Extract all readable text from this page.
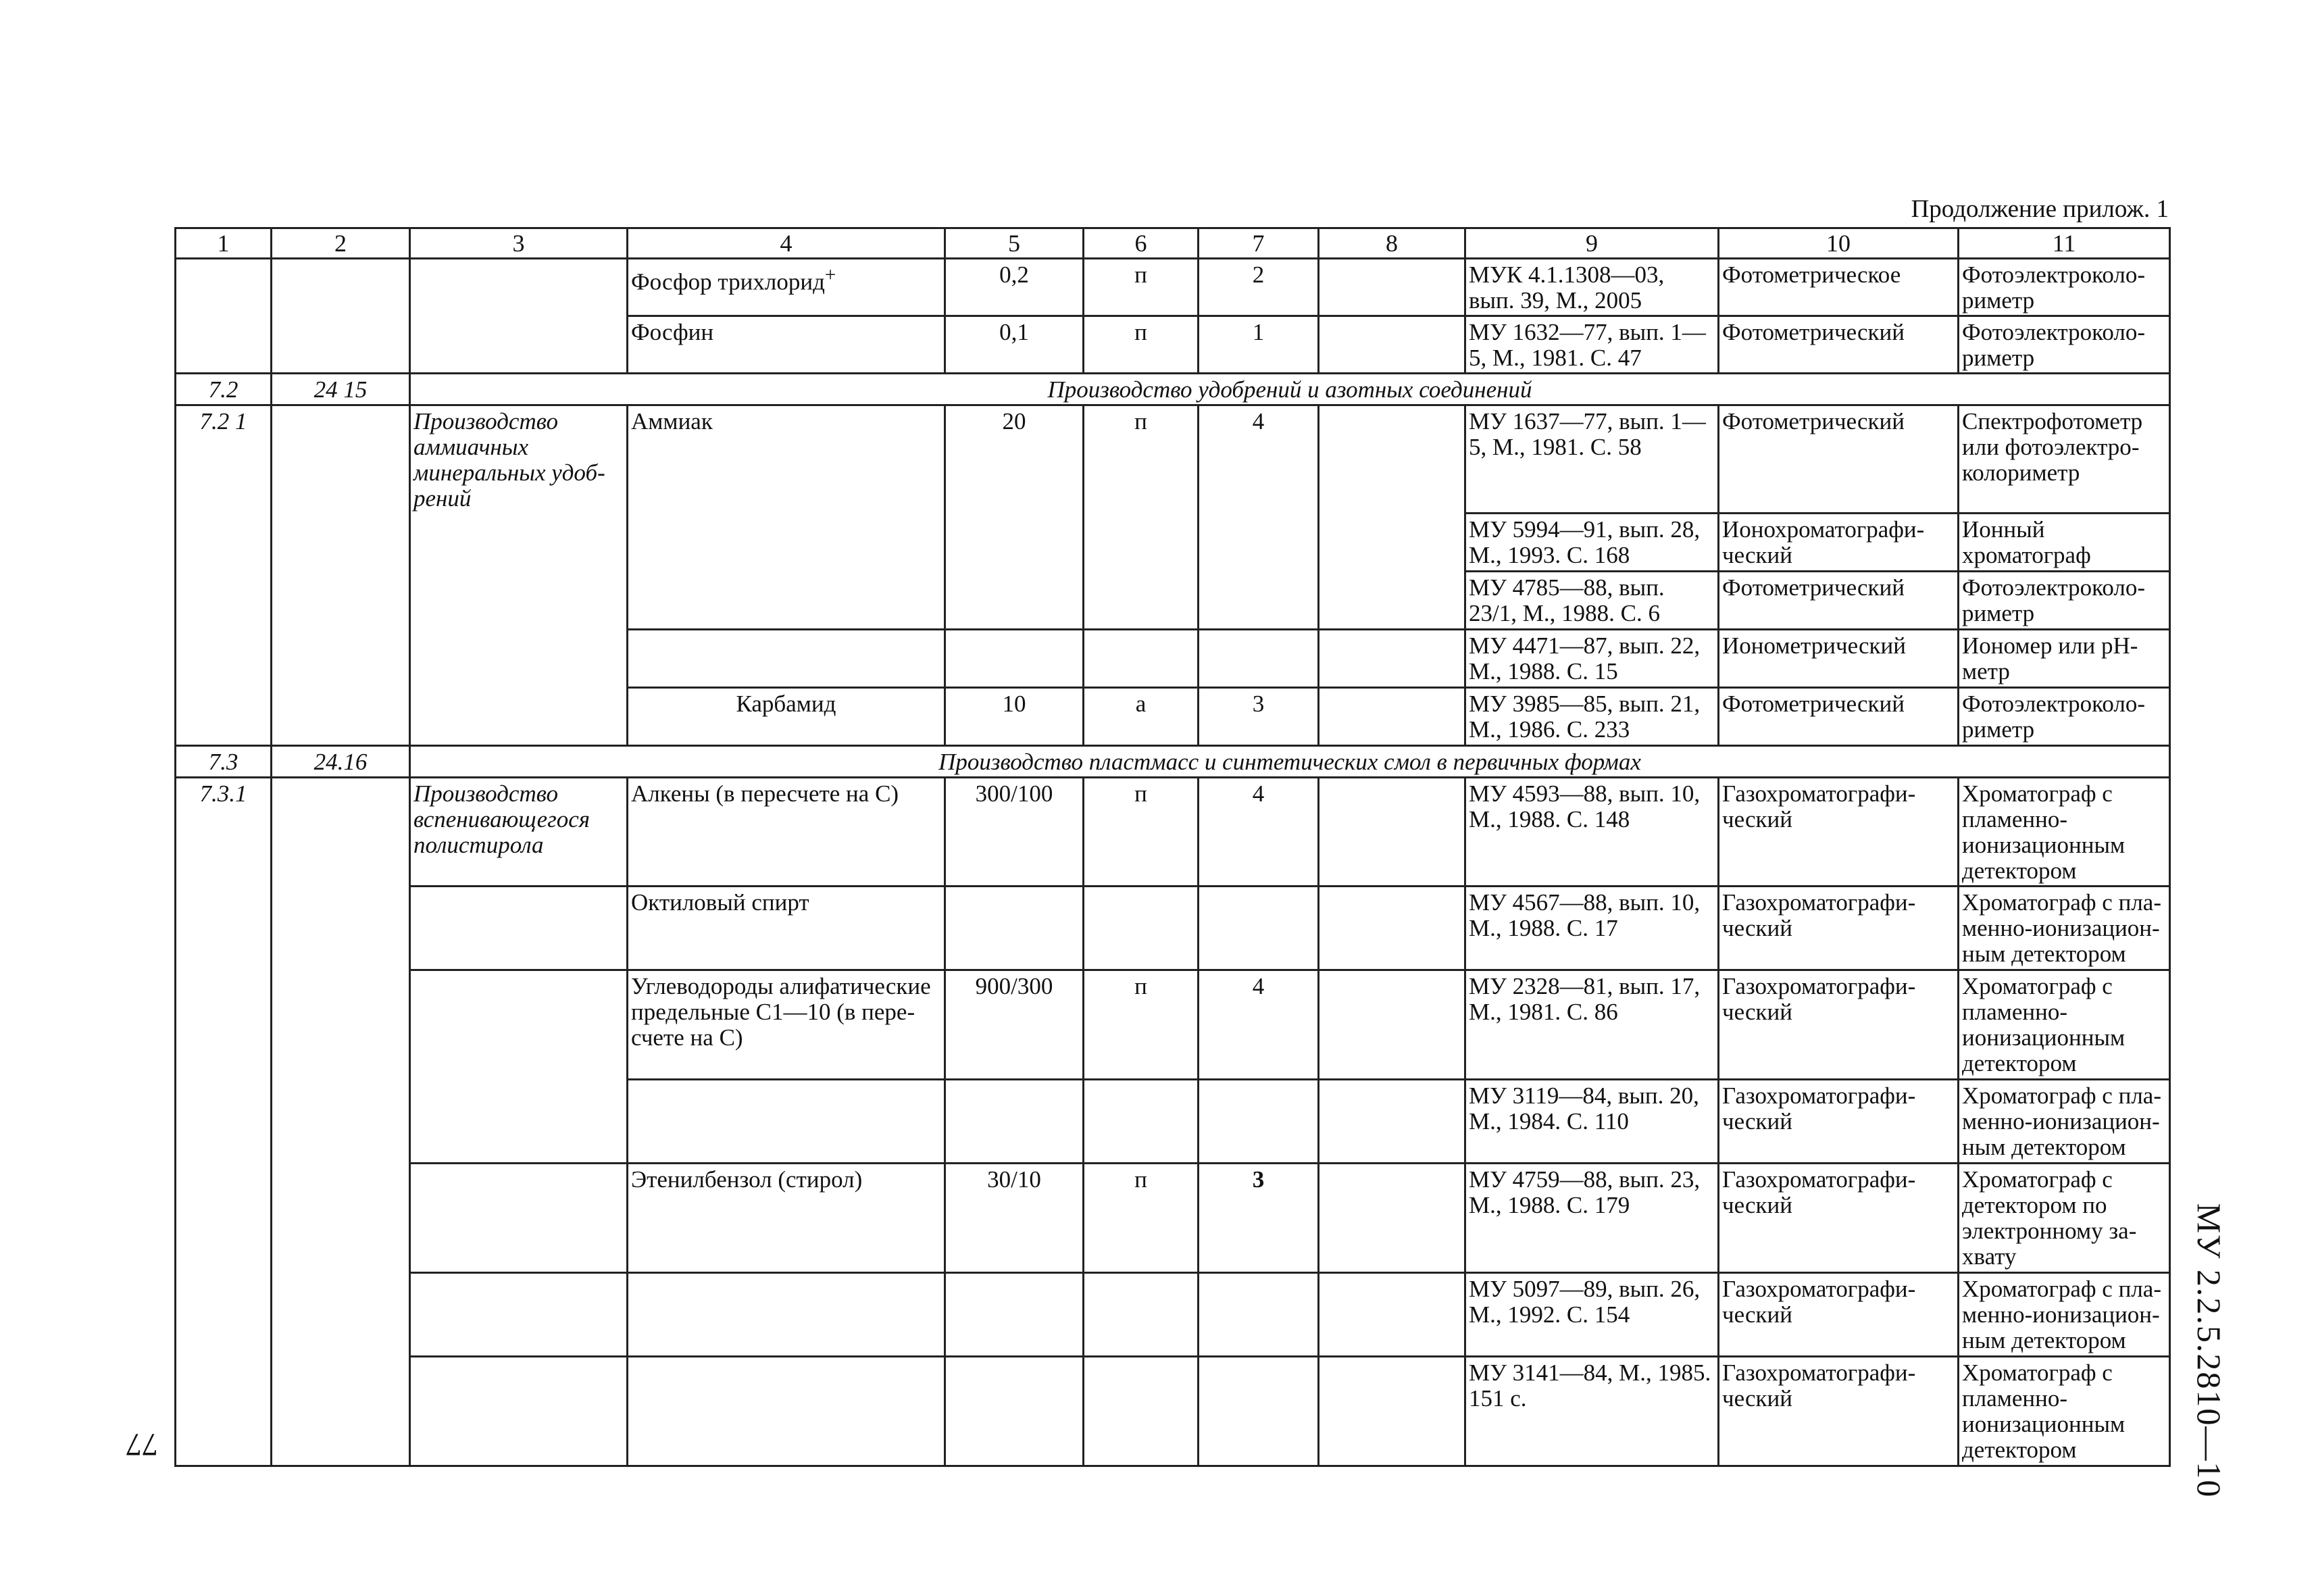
Продолжение прилож. 1
1	2	3	4	5	6	7	8	9	10	11
			Фосфор трихлорид+	0,2	п	2		МУК 4.1.1308—03, вып. 39, М., 2005	Фотометрическое	Фотоэлектроколориметр
			Фосфин	0,1	п	1		МУ 1632—77, вып. 1—5, М., 1981. С. 47	Фотометрический	Фотоэлектроколориметр
7.2	24 15	Производство удобрений и азотных соединений								
7.2 1		Производство аммиачных минеральных удобрений	Аммиак	20	п	4		МУ 1637—77, вып. 1—5, М., 1981. С. 58	Фотометрический	Спектрофотометр или фотоэлектроколориметр
								МУ 5994—91, вып. 28, М., 1993. С. 168	Ионохроматографический	Ионный хроматограф
								МУ 4785—88, вып. 23/1, М., 1988. С. 6	Фотометрический	Фотоэлектроколориметр
								МУ 4471—87, вып. 22, М., 1988. С. 15	Ионометрический	Иономер или рН-метр
			Карбамид	10	а	3		МУ 3985—85, вып. 21, М., 1986. С. 233	Фотометрический	Фотоэлектроколориметр
7.3	24.16	Производство пластмасс и синтетических смол в первичных формах								
7.3.1		Производство вспенивающегося полистирола	Алкены (в пересчете на С)	300/100	п	4		МУ 4593—88, вып. 10, М., 1988. С. 148	Газохроматографический	Хроматограф с пламенно-ионизационным детектором
			Октиловый спирт					МУ 4567—88, вып. 10, М., 1988. С. 17	Газохроматографический	Хроматограф с пламенно-ионизационным детектором
			Углеводороды алифатические предельные С1—10 (в пересчете на С)	900/300	п	4		МУ 2328—81, вып. 17, М., 1981. С. 86	Газохроматографический	Хроматограф с пламенно-ионизационным детектором
								МУ 3119—84, вып. 20, М., 1984. С. 110	Газохроматографический	Хроматограф с пламенно-ионизационным детектором
			Этенилбензол (стирол)	30/10	п	3		МУ 4759—88, вып. 23, М., 1988. С. 179	Газохроматографический	Хроматограф с детектором по электронному захвату
								МУ 5097—89, вып. 26, М., 1992. С. 154	Газохроматографический	Хроматограф с пламенно-ионизационным детектором
								МУ 3141—84, М., 1985. 151 с.	Газохроматографический	Хроматограф с пламенно-ионизационным детектором	МУ 2.2.5.2810—10
77
